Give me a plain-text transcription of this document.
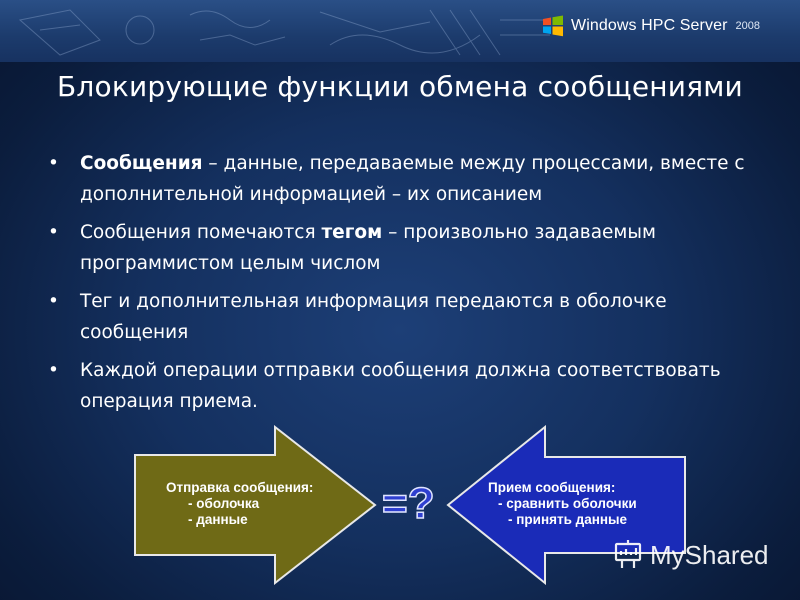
Windows HPC Server 2008
Блокирующие функции обмена сообщениями
• Сообщения – данные, передаваемые между процессами, вместе с дополнительной информацией – их описанием
• Сообщения помечаются тегом – произвольно задаваемым программистом целым числом
• Тег и дополнительная информация передаются в оболочке сообщения
• Каждой операции отправки сообщения должна соответствовать операция приема.
Отправка сообщения:
- оболочка
- данные	=?	Прием сообщения:
- сравнить оболочки
- принять данные
MyShared
